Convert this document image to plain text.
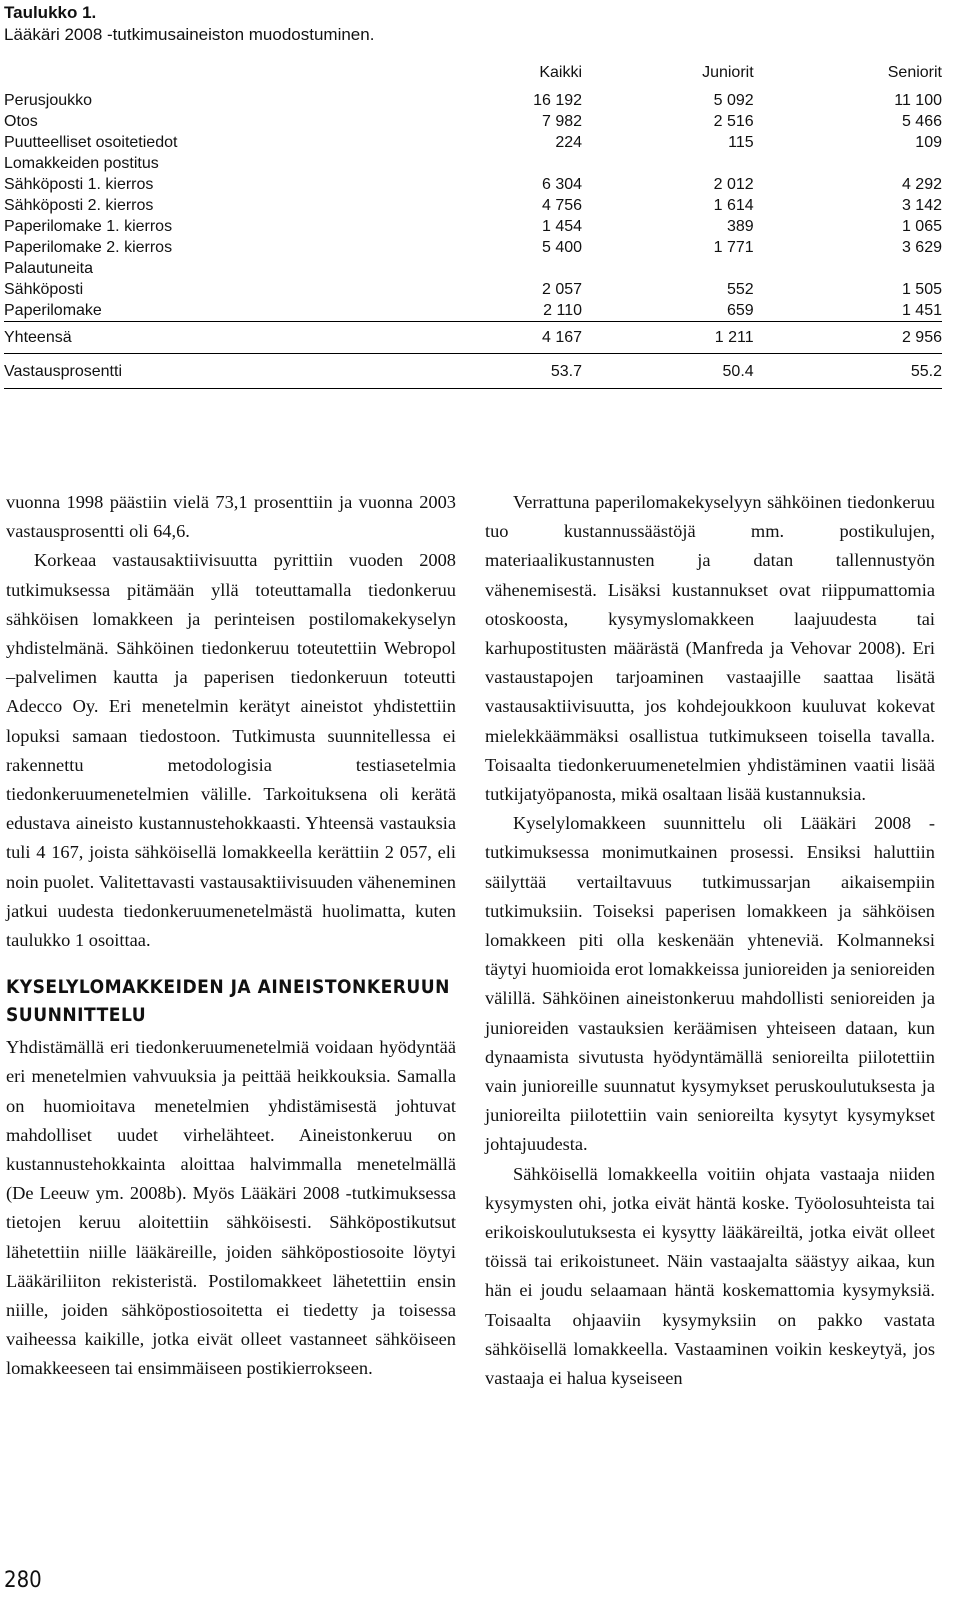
Taulukko 1.
Lääkäri 2008 -tutkimusaineiston muodostuminen.
	Kaikki	Juniorit	Seniorit
Perusjoukko	16 192	5 092	11 100
Otos	7 982	2 516	5 466
Puutteelliset osoitetiedot	224	115	109
Lomakkeiden postitus			
Sähköposti 1. kierros	6 304	2 012	4 292
Sähköposti 2. kierros	4 756	1 614	3 142
Paperilomake 1. kierros	1 454	389	1 065
Paperilomake 2. kierros	5 400	1 771	3 629
Palautuneita			
Sähköposti	2 057	552	1 505
Paperilomake	2 110	659	1 451
Yhteensä	4 167	1 211	2 956
Vastausprosentti	53.7	50.4	55.2

vuonna 1998 päästiin vielä 73,1 prosenttiin ja vuonna 2003 vastausprosentti oli 64,6.

Korkeaa vastausaktiivisuutta pyrittiin vuoden 2008 tutkimuksessa pitämään yllä toteuttamalla tiedonkeruu sähköisen lomakkeen ja perinteisen postilomakekyselyn yhdistelmänä. Sähköinen tiedonkeruu toteutettiin Webropol –palvelimen kautta ja paperisen tiedonkeruun toteutti Adecco Oy. Eri menetelmin kerätyt aineistot yhdistettiin lopuksi samaan tiedostoon. Tutkimusta suunnitellessa ei rakennettu metodologisia testiasetelmia tiedonkeruumenetelmien välille. Tarkoituksena oli kerätä edustava aineisto kustannustehokkaasti. Yhteensä vastauksia tuli 4 167, joista sähköisellä lomakkeella kerättiin 2 057, eli noin puolet. Valitettavasti vastausaktiivisuuden väheneminen jatkui uudesta tiedonkeruumenetelmästä huolimatta, kuten taulukko 1 osoittaa.

KYSELYLOMAKKEIDEN JA AINEISTONKERUUN SUUNNITTELU

Yhdistämällä eri tiedonkeruumenetelmiä voidaan hyödyntää eri menetelmien vahvuuksia ja peittää heikkouksia. Samalla on huomioitava menetelmien yhdistämisestä johtuvat mahdolliset uudet virhelähteet. Aineistonkeruu on kustannustehokkainta aloittaa halvimmalla menetelmällä (De Leeuw ym. 2008b). Myös Lääkäri 2008 -tutkimuksessa tietojen keruu aloitettiin sähköisesti. Sähköpostikutsut lähetettiin niille lääkäreille, joiden sähköpostiosoite löytyi Lääkäriliiton rekisteristä. Postilomakkeet lähetettiin ensin niille, joiden sähköpostiosoitetta ei tiedetty ja toisessa vaiheessa kaikille, jotka eivät olleet vastanneet sähköiseen lomakkeeseen tai ensimmäiseen postikierrokseen.

Verrattuna paperilomakekyselyyn sähköinen tiedonkeruu tuo kustannussäästöjä mm. postikulujen, materiaalikustannusten ja datan tallennustyön vähenemisestä. Lisäksi kustannukset ovat riippumattomia otoskoosta, kysymyslomakkeen laajuudesta tai karhupostitusten määrästä (Manfreda ja Vehovar 2008). Eri vastaustapojen tarjoaminen vastaajille saattaa lisätä vastausaktiivisuutta, jos kohdejoukkoon kuuluvat kokevat mielekkäämmäksi osallistua tutkimukseen toisella tavalla. Toisaalta tiedonkeruumenetelmien yhdistäminen vaatii lisää tutkijatyöpanosta, mikä osaltaan lisää kustannuksia.

Kyselylomakkeen suunnittelu oli Lääkäri 2008 -tutkimuksessa monimutkainen prosessi. Ensiksi haluttiin säilyttää vertailtavuus tutkimussarjan aikaisempiin tutkimuksiin. Toiseksi paperisen lomakkeen ja sähköisen lomakkeen piti olla keskenään yhteneviä. Kolmanneksi täytyi huomioida erot lomakkeissa junioreiden ja senioreiden välillä. Sähköinen aineistonkeruu mahdollisti senioreiden ja junioreiden vastauksien keräämisen yhteiseen dataan, kun dynaamista sivutusta hyödyntämällä senioreilta piilotettiin vain junioreille suunnatut kysymykset peruskoulutuksesta ja junioreilta piilotettiin vain senioreilta kysytyt kysymykset johtajuudesta.

Sähköisellä lomakkeella voitiin ohjata vastaaja niiden kysymysten ohi, jotka eivät häntä koske. Työolosuhteista tai erikoiskoulutuksesta ei kysytty lääkäreiltä, jotka eivät olleet töissä tai erikoistuneet. Näin vastaajalta säästyy aikaa, kun hän ei joudu selaamaan häntä koskemattomia kysymyksiä. Toisaalta ohjaaviin kysymyksiin on pakko vastata sähköisellä lomakkeella. Vastaaminen voikin keskeytyä, jos vastaaja ei halua kyseiseen

280
